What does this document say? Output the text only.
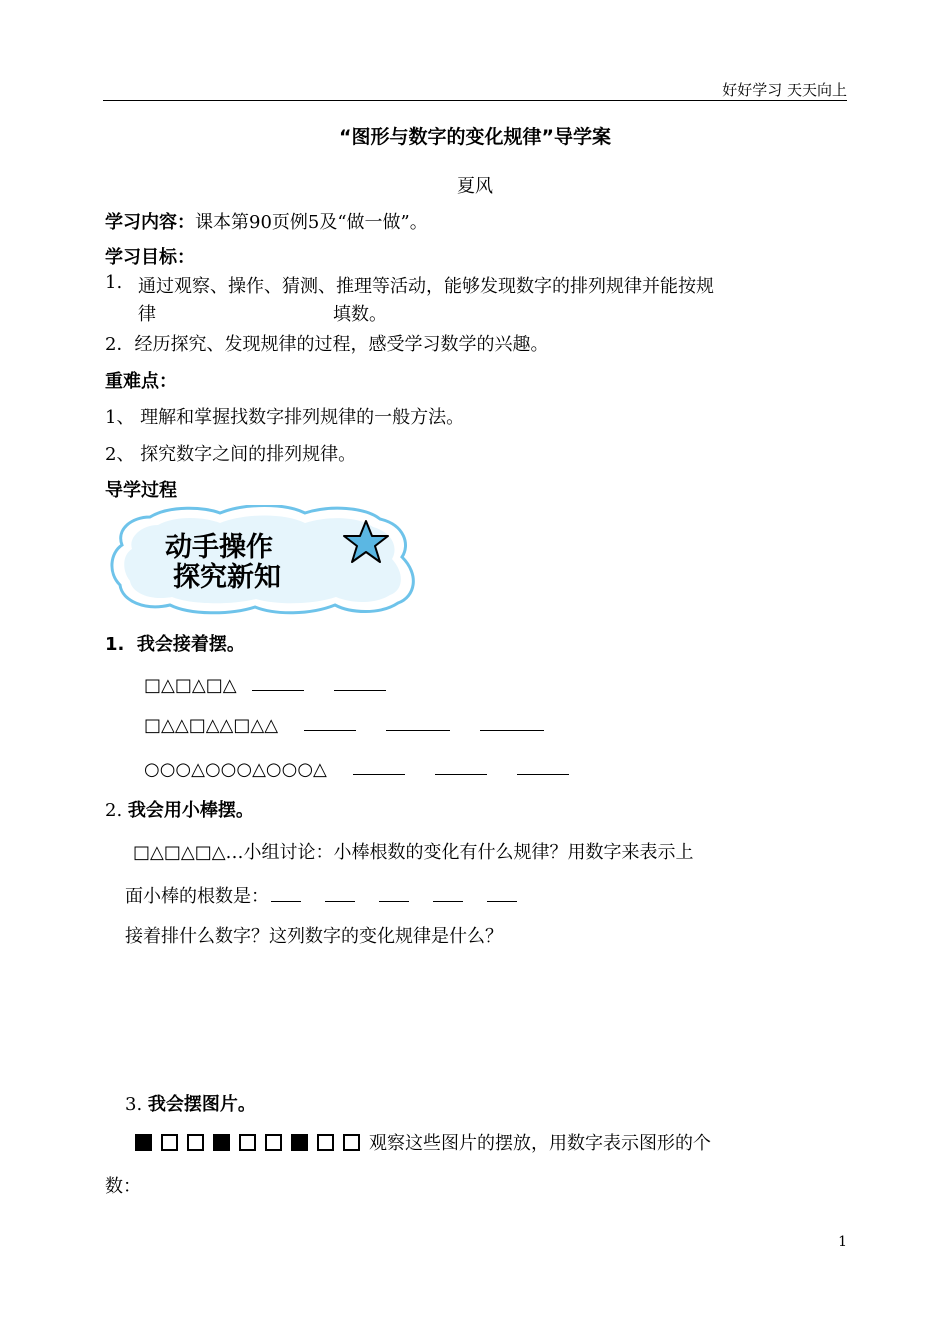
好好学习 天天向上
“图形与数字的变化规律”导学案
夏风
学习内容：课本第90页例5及“做一做”。
学习目标：
1. 通过观察、操作、猜测、推理等活动，能够发现数字的排列规律并能按规
律	填数。
2．经历探究、发现规律的过程，感受学习数学的兴趣。
重难点：
1、 理解和掌握找数字排列规律的一般方法。
2、 探究数字之间的排列规律。
导学过程
动手操作
探究新知
1. 我会接着摆。
□△□△□△
□△△□△△□△△
○○○△○○○△○○○△
2. 我会用小棒摆。
□△□△□△…小组讨论：小棒根数的变化有什么规律？用数字来表示上
面小棒的根数是：
接着排什么数字？这列数字的变化规律是什么？
3. 我会摆图片。
观察这些图片的摆放，用数字表示图形的个
数：
1
